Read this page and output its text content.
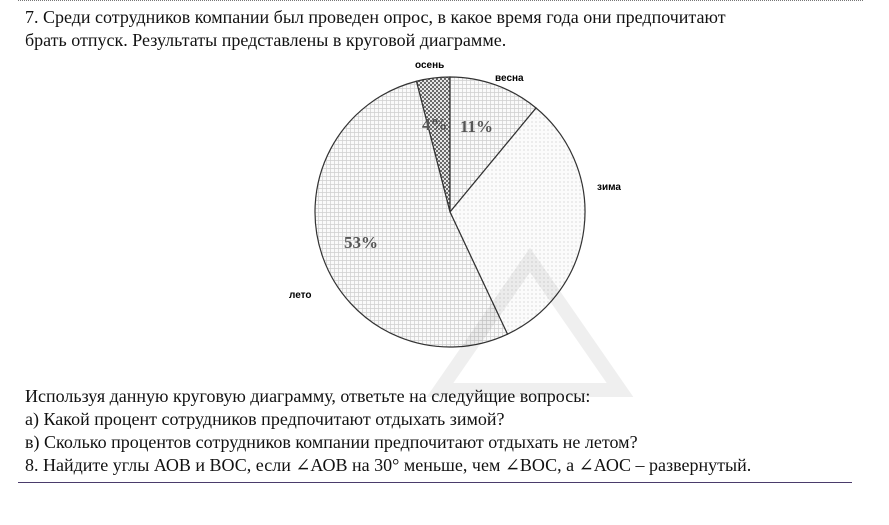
7. Среди сотрудников компании был проведен опрос, в какое время года они предпочитают
брать отпуск. Результаты представлены в круговой диаграмме.
осень
весна
зима
лето
4% 11%
53%
Используя данную круговую диаграмму, ответьте на следуйщие вопросы:
а) Какой процент сотрудников предпочитают отдыхать зимой?
в) Сколько процентов сотрудников компании предпочитают отдыхать не летом?
8. Найдите углы АОВ и ВОС, если ∠АОВ на 30° меньше, чем ∠ВОС, а ∠АОС – развернутый.
